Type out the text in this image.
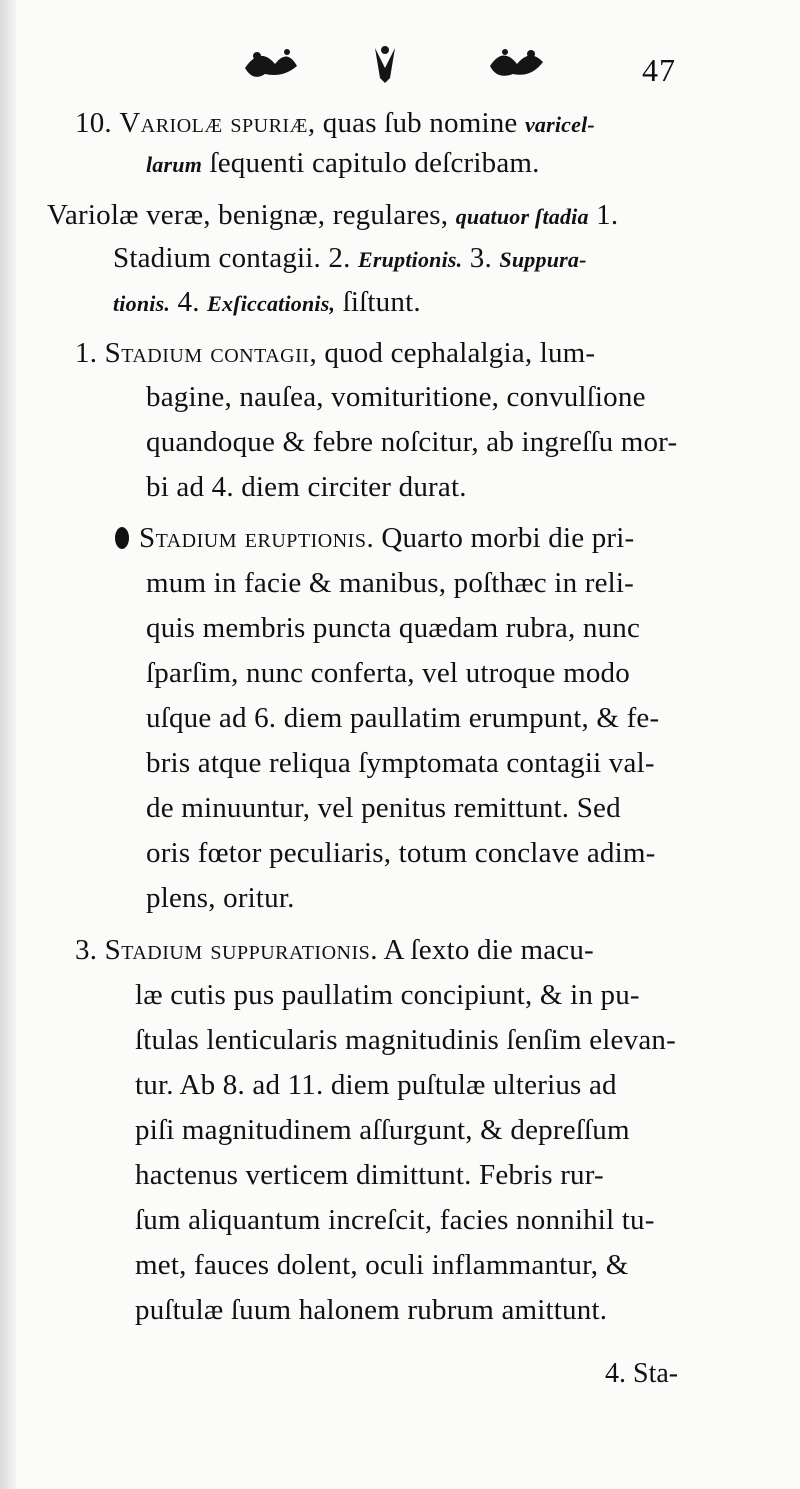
47
10. Variolæ spuriæ, quas ſub nomine varicel-
larum ſequenti capitulo deſcribam.
Variolæ veræ, benignæ, regulares, quatuor ſtadia 1.
Stadium contagii. 2. Eruptionis. 3. Suppura-
tionis. 4. Exſiccationis, ſiſtunt.
1. Stadium contagii, quod cephalalgia, lum-
bagine, nauſea, vomituritione, convulſione
quandoque & febre noſcitur, ab ingreſſu mor-
bi ad 4. diem circiter durat.
Stadium eruptionis. Quarto morbi die pri-
mum in facie & manibus, poſthæc in reli-
quis membris puncta quædam rubra, nunc
ſparſim, nunc conferta, vel utroque modo
uſque ad 6. diem paullatim erumpunt, & fe-
bris atque reliqua ſymptomata contagii val-
de minuuntur, vel penitus remittunt. Sed
oris fœtor peculiaris, totum conclave adim-
plens, oritur.
3. Stadium suppurationis. A ſexto die macu-
læ cutis pus paullatim concipiunt, & in pu-
ſtulas lenticularis magnitudinis ſenſim elevan-
tur. Ab 8. ad 11. diem puſtulæ ulterius ad
piſi magnitudinem aſſurgunt, & depreſſum
hactenus verticem dimittunt. Febris rur-
ſum aliquantum increſcit, facies nonnihil tu-
met, fauces dolent, oculi inflammantur, &
puſtulæ ſuum halonem rubrum amittunt.
4. Sta-
